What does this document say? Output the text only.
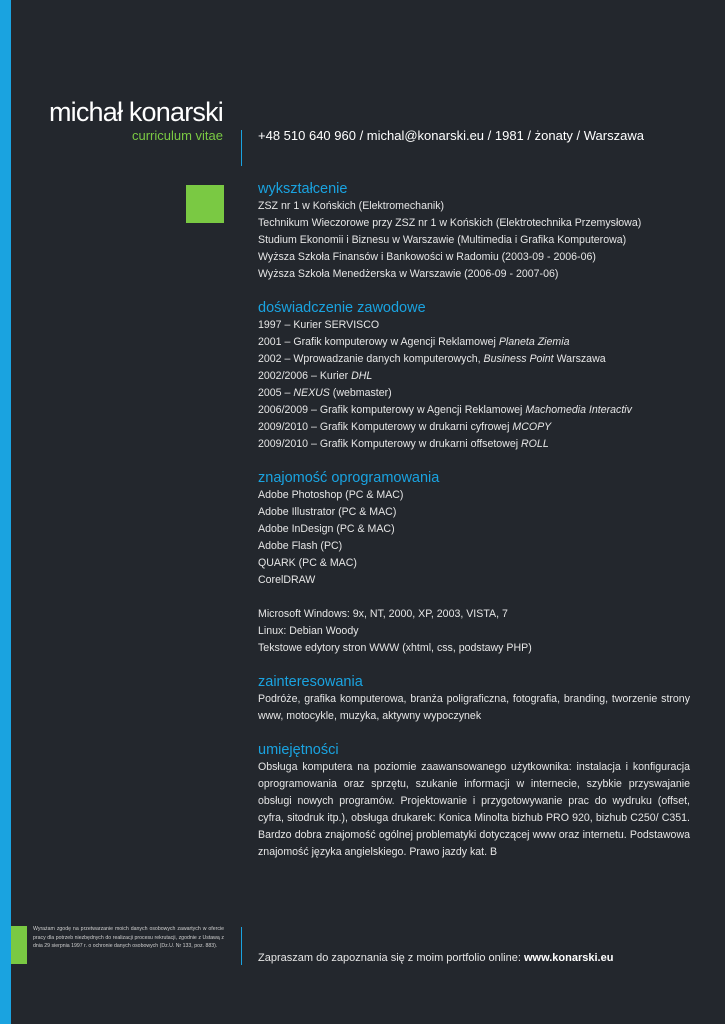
michał konarski
curriculum vitae	+48 510 640 960 / michal@konarski.eu / 1981 / żonaty / Warszawa
wykształcenie
ZSZ nr 1 w Końskich (Elektromechanik)
Technikum Wieczorowe przy ZSZ nr 1 w Końskich (Elektrotechnika Przemysłowa)
Studium Ekonomii i Biznesu w Warszawie (Multimedia i Grafika Komputerowa)
Wyższa Szkoła Finansów i Bankowości w Radomiu (2003-09 - 2006-06)
Wyższa Szkoła Menedżerska w Warszawie (2006-09 - 2007-06)
doświadczenie zawodowe
1997 – Kurier SERVISCO
2001 – Grafik komputerowy w Agencji Reklamowej Planeta Ziemia
2002 – Wprowadzanie danych komputerowych, Business Point Warszawa
2002/2006 – Kurier DHL
2005 – NEXUS (webmaster)
2006/2009 – Grafik komputerowy w Agencji Reklamowej Machomedia Interactiv
2009/2010 – Grafik Komputerowy w drukarni cyfrowej MCOPY
2009/2010 – Grafik Komputerowy w drukarni offsetowej ROLL
znajomość oprogramowania
Adobe Photoshop (PC & MAC)
Adobe Illustrator (PC & MAC)
Adobe InDesign (PC & MAC)
Adobe Flash (PC)
QUARK (PC & MAC)
CorelDRAW
Microsoft Windows: 9x, NT, 2000, XP, 2003, VISTA, 7
Linux: Debian Woody
Tekstowe edytory stron WWW (xhtml, css, podstawy PHP)
zainteresowania

Podróże, grafika komputerowa, branża poligraficzna, fotografia, branding, tworzenie strony www, motocykle, muzyka, aktywny wypoczynek

umiejętności

Obsługa komputera na poziomie zaawansowanego użytkownika: instalacja i konfiguracja oprogramowania oraz sprzętu, szukanie informacji w internecie, szybkie przyswajanie obsługi nowych programów. Projektowanie i przygotowywanie prac do wydruku (offset, cyfra, sitodruk itp.), obsługa drukarek: Konica Minolta bizhub PRO 920, bizhub C250/ C351. Bardzo dobra znajomość ogólnej problematyki dotyczącej www oraz internetu. Podstawowa znajomość języka angielskiego. Prawo jazdy kat. B

Wyrażam zgodę na przetwarzanie moich danych osobowych zawartych w ofercie pracy dla potrzeb niezbędnych do realizacji procesu rekrutacji, zgodnie z Ustawą z dnia 29 sierpnia 1997 r. o ochronie danych osobowych (Dz.U. Nr 133, poz. 883).
Zapraszam do zapoznania się z moim portfolio online: www.konarski.eu
